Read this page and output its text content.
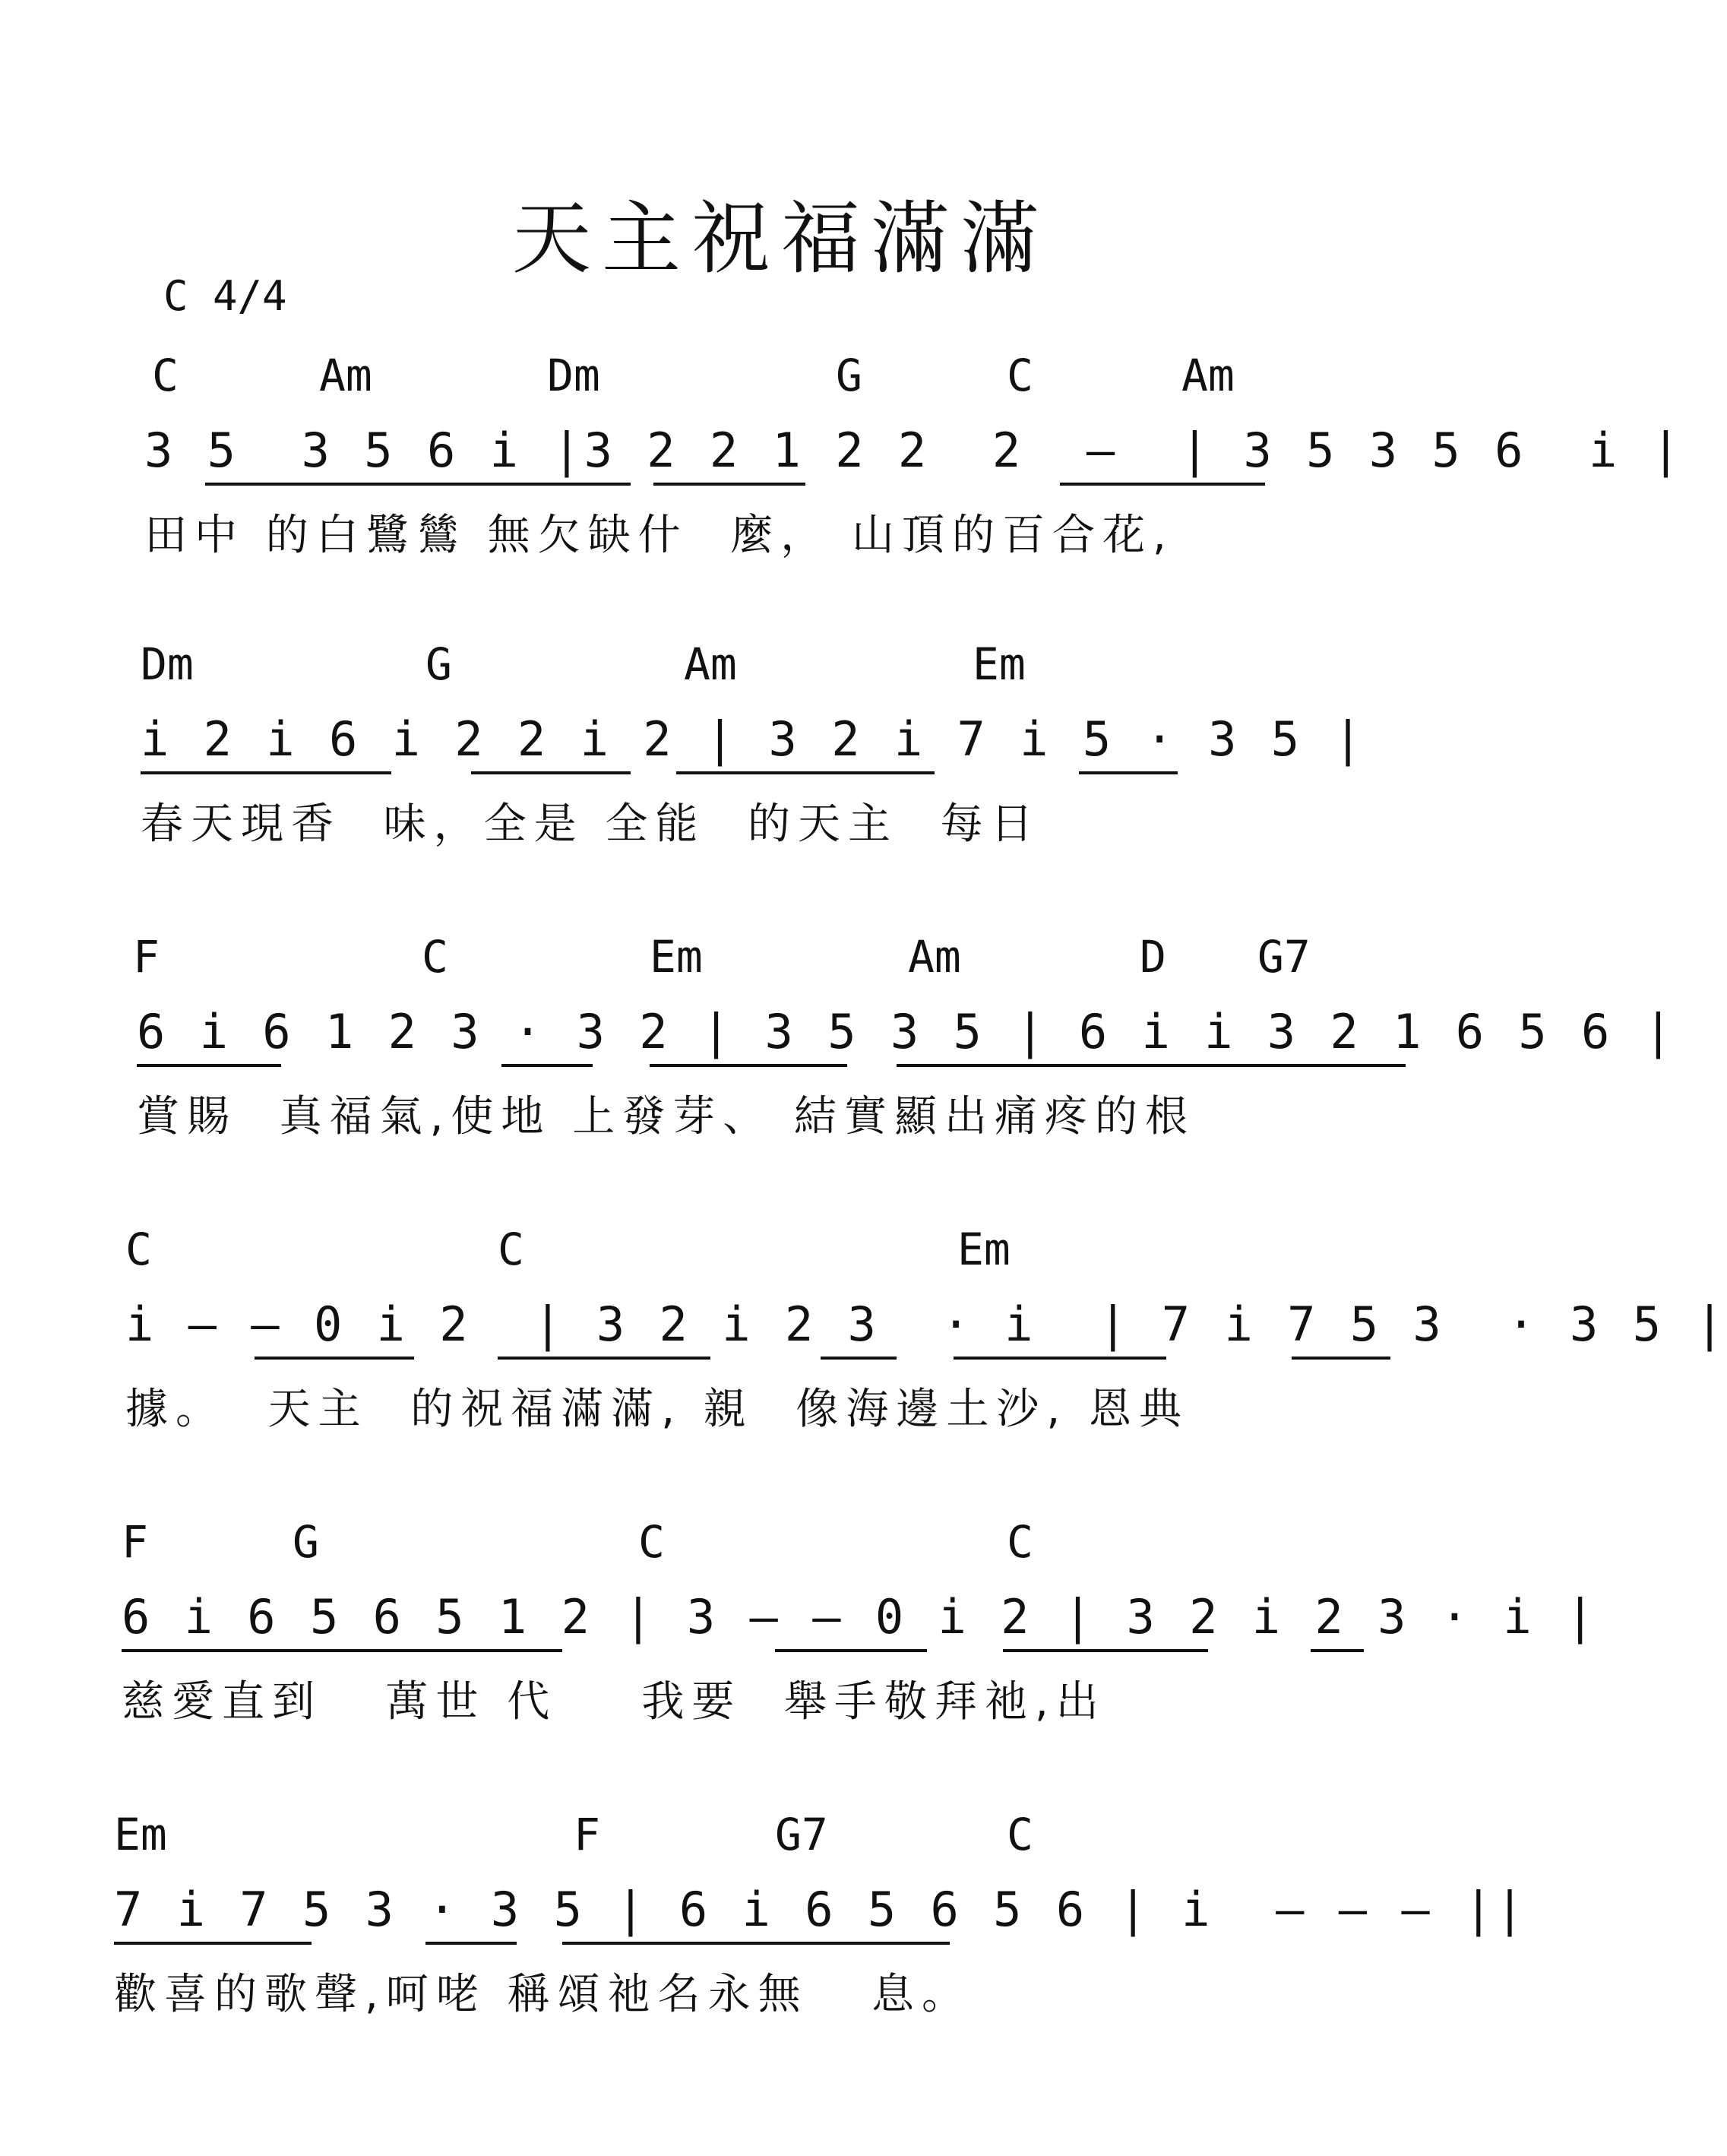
天主祝福滿滿
C 4/4
C	Am	Dm	G	C	Am
3 5  3 5 6 i |3 2 2 1 2 2  2  —  | 3 5 3 5 6  i |
田中 的白鷺鷥 無欠缺什  麼， 山頂的百合花,
Dm	G	Am	Em
i 2 i 6 i 2 2 i 2 | 3 2 i 7 i 5 · 3 5 |
春天現香  味，全是 全能  的天主  每日
F	C	Em	Am	D G7
6 i 6 1 2 3 · 3 2 | 3 5 3 5 | 6 i i 3 2 1 6 5 6 |
賞賜  真福氣,使地 上發芽、 結實顯出痛疼的根
C	C	Em
i — — 0 i 2  | 3 2 i 2 3  · i  | 7 i 7 5 3  · 3 5 |
據。  天主  的祝福滿滿, 親  像海邊土沙, 恩典
F	G	C	C
6 i 6 5 6 5 1 2 | 3 — — 0 i 2 | 3 2 i 2 3 · i |
慈愛直到   萬世 代    我要  舉手敬拜祂,出
Em	F	G7	C
7 i 7 5 3 · 3 5 | 6 i 6 5 6 5 6 | i  — — — ||
歡喜的歌聲,呵咾 稱頌祂名永無   息。
